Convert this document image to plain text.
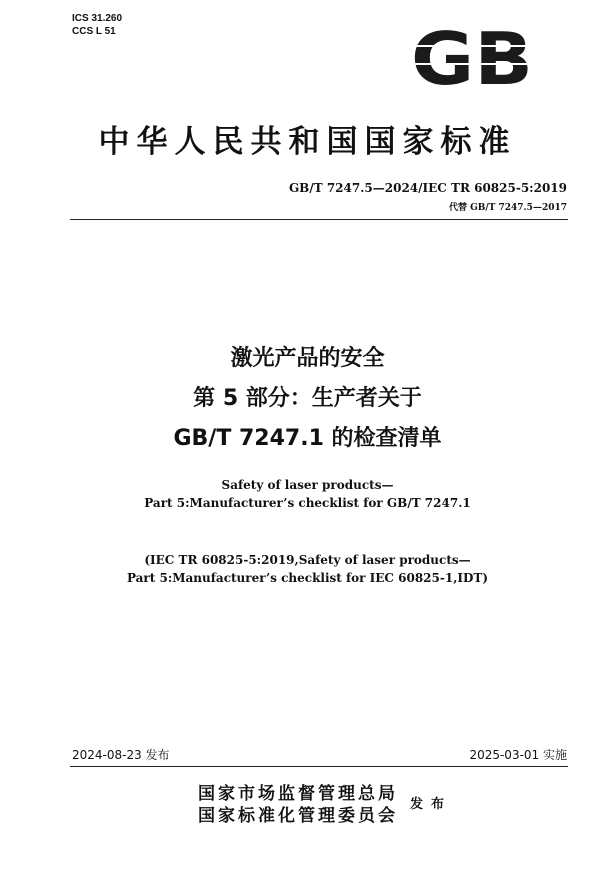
ICS 31.260
CCS L 51	GB
中华人民共和国国家标准
GB/T 7247.5—2024/IEC TR 60825-5:2019
代替 GB/T 7247.5—2017
激光产品的安全
第 5 部分：生产者关于
GB/T 7247.1 的检查清单
Safety of laser products—
Part 5:Manufacturer’s checklist for GB/T 7247.1
(IEC TR 60825-5:2019,Safety of laser products—
Part 5:Manufacturer’s checklist for IEC 60825-1,IDT)
2024-08-23 发布	2025-03-01 实施
国家市场监督管理总局
国家标准化管理委员会
发布
